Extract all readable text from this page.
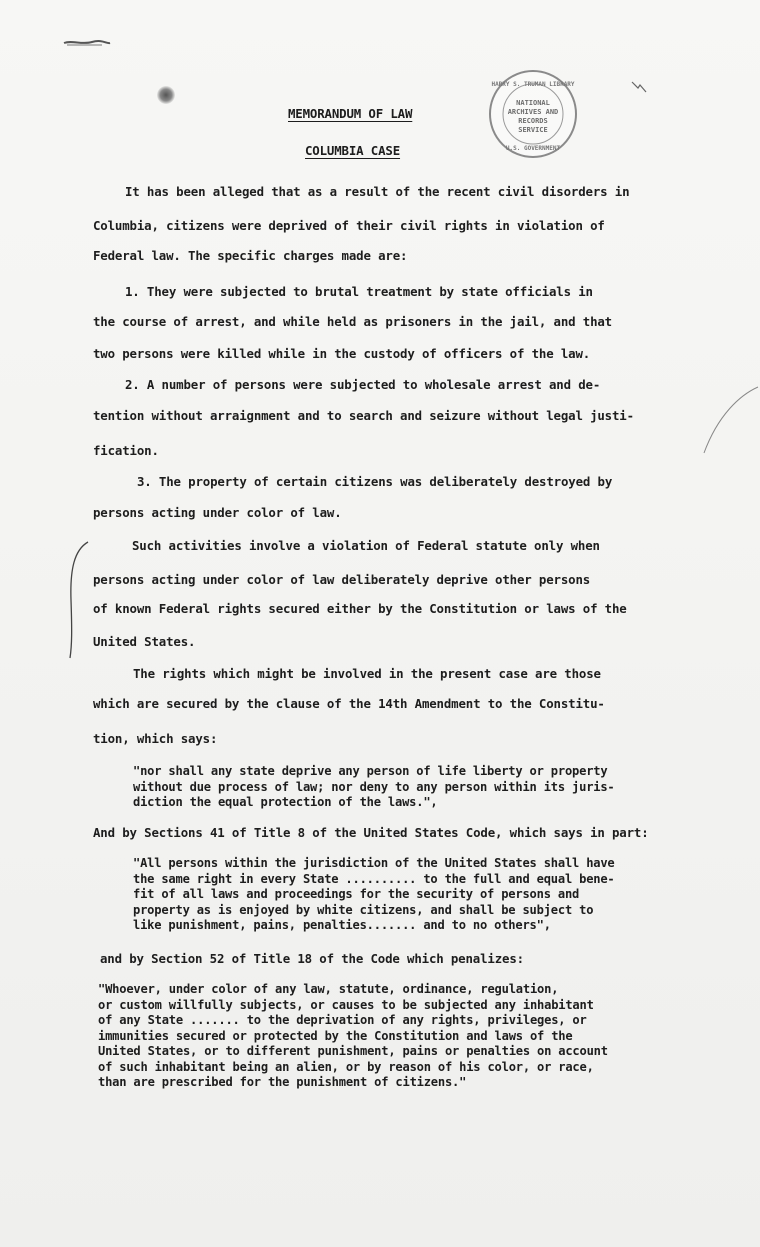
HARRY S. TRUMAN LIBRARY
NATIONAL
ARCHIVES AND
RECORDS
SERVICE
U.S. GOVERNMENT
MEMORANDUM OF LAW
COLUMBIA CASE
It has been alleged that as a result of the recent civil disorders in
Columbia, citizens were deprived of their civil rights in violation of
Federal law. The specific charges made are:
1. They were subjected to brutal treatment by state officials in
the course of arrest, and while held as prisoners in the jail, and that
two persons were killed while in the custody of officers of the law.
2. A number of persons were subjected to wholesale arrest and de-
tention without arraignment and to search and seizure without legal justi-
fication.
3. The property of certain citizens was deliberately destroyed by
persons acting under color of law.
Such activities involve a violation of Federal statute only when
persons acting under color of law deliberately deprive other persons
of known Federal rights secured either by the Constitution or laws of the
United States.
The rights which might be involved in the present case are those
which are secured by the clause of the 14th Amendment to the Constitu-
tion, which says:
"nor shall any state deprive any person of life liberty or property
without due process of law; nor deny to any person within its juris-
diction the equal protection of the laws.",
And by Sections 41 of Title 8 of the United States Code, which says in part:
"All persons within the jurisdiction of the United States shall have
the same right in every State .......... to the full and equal bene-
fit of all laws and proceedings for the security of persons and
property as is enjoyed by white citizens, and shall be subject to
like punishment, pains, penalties....... and to no others",
and by Section 52 of Title 18 of the Code which penalizes:
"Whoever, under color of any law, statute, ordinance, regulation,
or custom willfully subjects, or causes to be subjected any inhabitant
of any State ....... to the deprivation of any rights, privileges, or
immunities secured or protected by the Constitution and laws of the
United States, or to different punishment, pains or penalties on account
of such inhabitant being an alien, or by reason of his color, or race,
than are prescribed for the punishment of citizens."
